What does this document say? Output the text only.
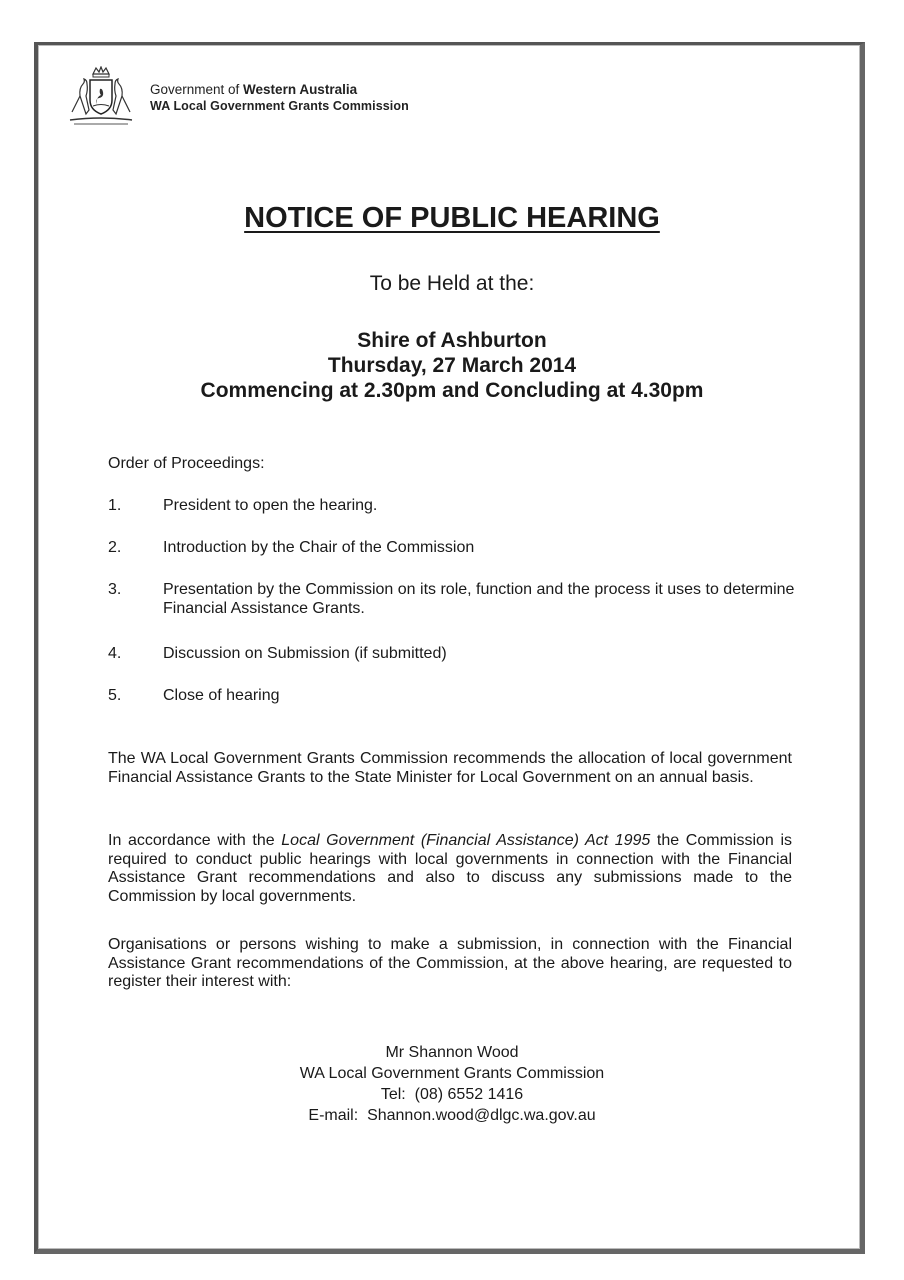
Government of Western Australia
WA Local Government Grants Commission
NOTICE OF PUBLIC HEARING
To be Held at the:
Shire of Ashburton
Thursday, 27 March 2014
Commencing at 2.30pm and Concluding at 4.30pm
Order of Proceedings:
1.	President to open the hearing.
2.	Introduction by the Chair of the Commission
3.	Presentation by the Commission on its role, function and the process it uses to determine Financial Assistance Grants.
4.	Discussion on Submission (if submitted)
5.	Close of hearing
The WA Local Government Grants Commission recommends the allocation of local government Financial Assistance Grants to the State Minister for Local Government on an annual basis.
In accordance with the Local Government (Financial Assistance) Act 1995 the Commission is required to conduct public hearings with local governments in connection with the Financial Assistance Grant recommendations and also to discuss any submissions made to the Commission by local governments.
Organisations or persons wishing to make a submission, in connection with the Financial Assistance Grant recommendations of the Commission, at the above hearing, are requested to register their interest with:
Mr Shannon Wood
WA Local Government Grants Commission
Tel: (08) 6552 1416
E-mail: Shannon.wood@dlgc.wa.gov.au
